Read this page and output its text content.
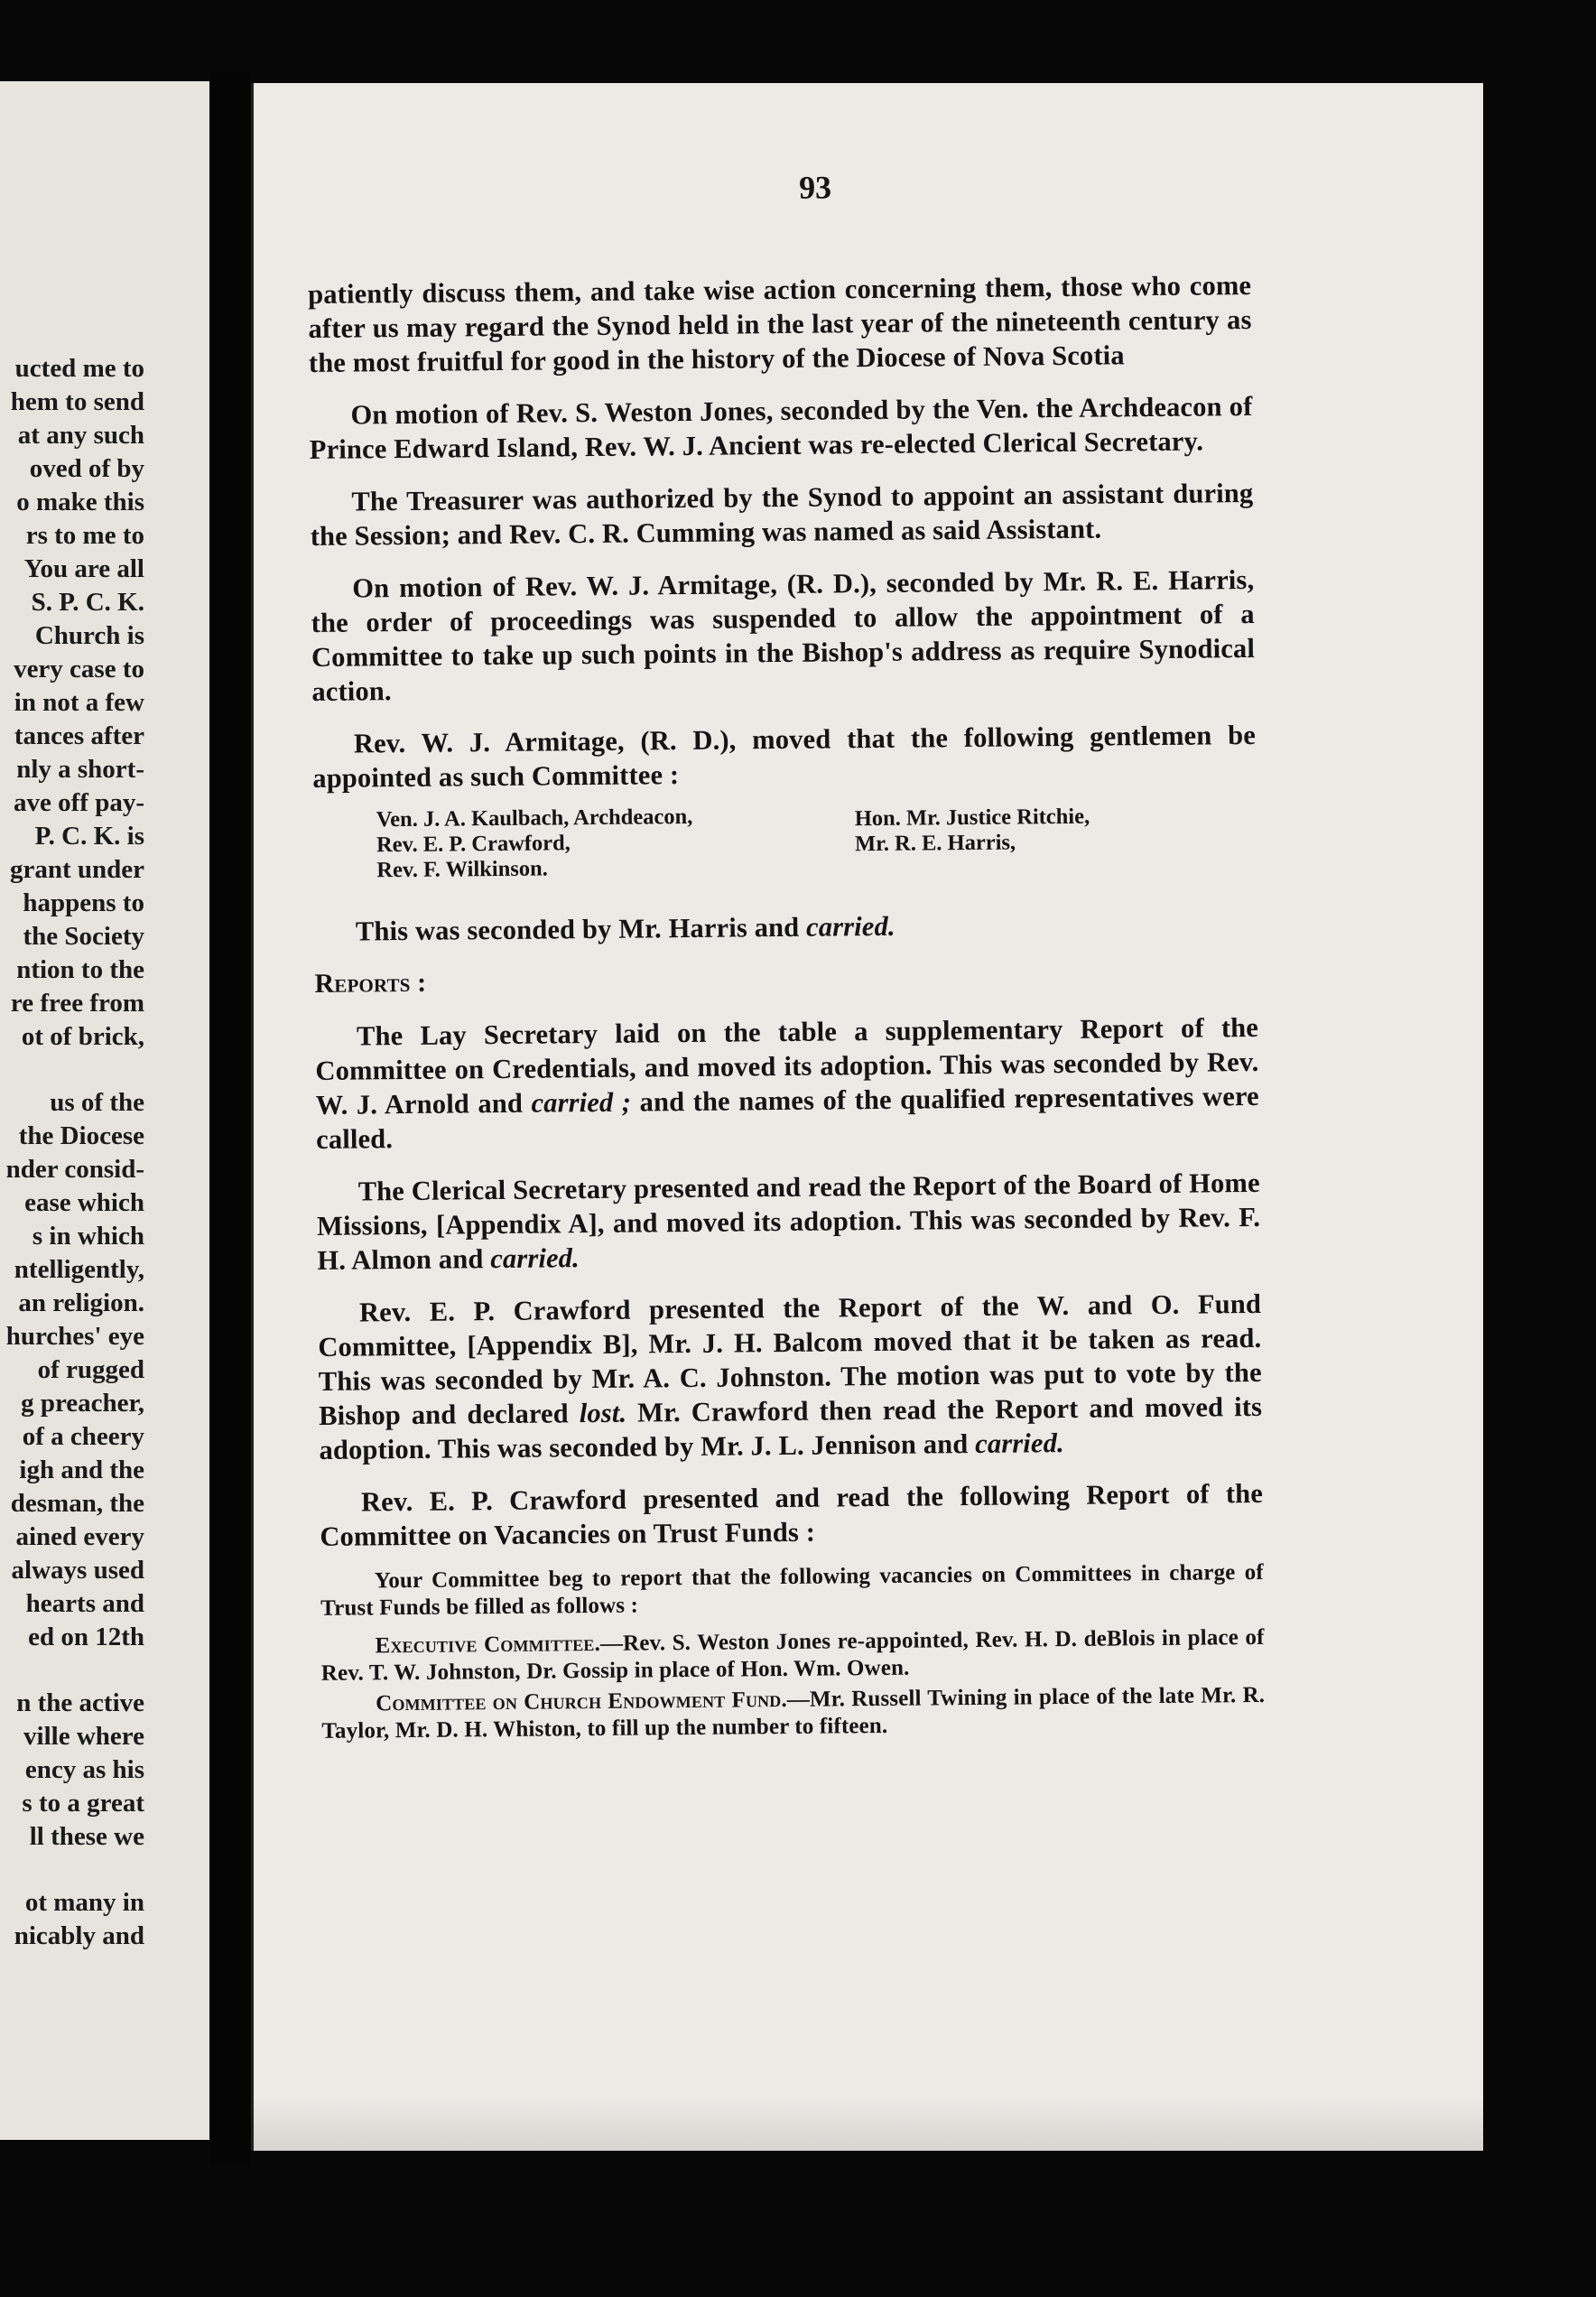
ucted me to
hem to send
at any such
oved of by
o make this
rs to me to
You are all
S. P. C. K.
Church is
very case to
in not a few
tances after
nly a short-
ave off pay-
P. C. K. is
grant under
happens to
the Society
ntion to the
re free from
ot of brick,
us of the
the Diocese
nder consid-
ease which
s in which
ntelligently,
an religion.
hurches' eye
of rugged
g preacher,
of a cheery
igh and the
desman, the
ained every
always used
hearts and
ed on 12th
n the active
ville where
ency as his
s to a great
ll these we
ot many in
nicably and
93

patiently discuss them, and take wise action concerning them, those who come after us may regard the Synod held in the last year of the nineteenth century as the most fruitful for good in the history of the Diocese of Nova Scotia

On motion of Rev. S. Weston Jones, seconded by the Ven. the Archdeacon of Prince Edward Island, Rev. W. J. Ancient was re-elected Clerical Secretary.

The Treasurer was authorized by the Synod to appoint an assistant during the Session; and Rev. C. R. Cumming was named as said Assistant.

On motion of Rev. W. J. Armitage, (R. D.), seconded by Mr. R. E. Harris, the order of proceedings was suspended to allow the appointment of a Committee to take up such points in the Bishop's address as require Synodical action.

Rev. W. J. Armitage, (R. D.), moved that the following gentlemen be appointed as such Committee :

Ven. J. A. Kaulbach, Archdeacon,
Rev. E. P. Crawford,
Rev. F. Wilkinson.
Hon. Mr. Justice Ritchie,
Mr. R. E. Harris,

This was seconded by Mr. Harris and carried.

Reports :

The Lay Secretary laid on the table a supplementary Report of the Committee on Credentials, and moved its adoption. This was seconded by Rev. W. J. Arnold and carried ; and the names of the qualified representatives were called.

The Clerical Secretary presented and read the Report of the Board of Home Missions, [Appendix A], and moved its adoption. This was seconded by Rev. F. H. Almon and carried.

Rev. E. P. Crawford presented the Report of the W. and O. Fund Committee, [Appendix B], Mr. J. H. Balcom moved that it be taken as read. This was seconded by Mr. A. C. Johnston. The motion was put to vote by the Bishop and declared lost. Mr. Crawford then read the Report and moved its adoption. This was seconded by Mr. J. L. Jennison and carried.

Rev. E. P. Crawford presented and read the following Report of the Committee on Vacancies on Trust Funds :

Your Committee beg to report that the following vacancies on Committees in charge of Trust Funds be filled as follows :

Executive Committee.—Rev. S. Weston Jones re-appointed, Rev. H. D. deBlois in place of Rev. T. W. Johnston, Dr. Gossip in place of Hon. Wm. Owen.

Committee on Church Endowment Fund.—Mr. Russell Twining in place of the late Mr. R. Taylor, Mr. D. H. Whiston, to fill up the number to fifteen.
